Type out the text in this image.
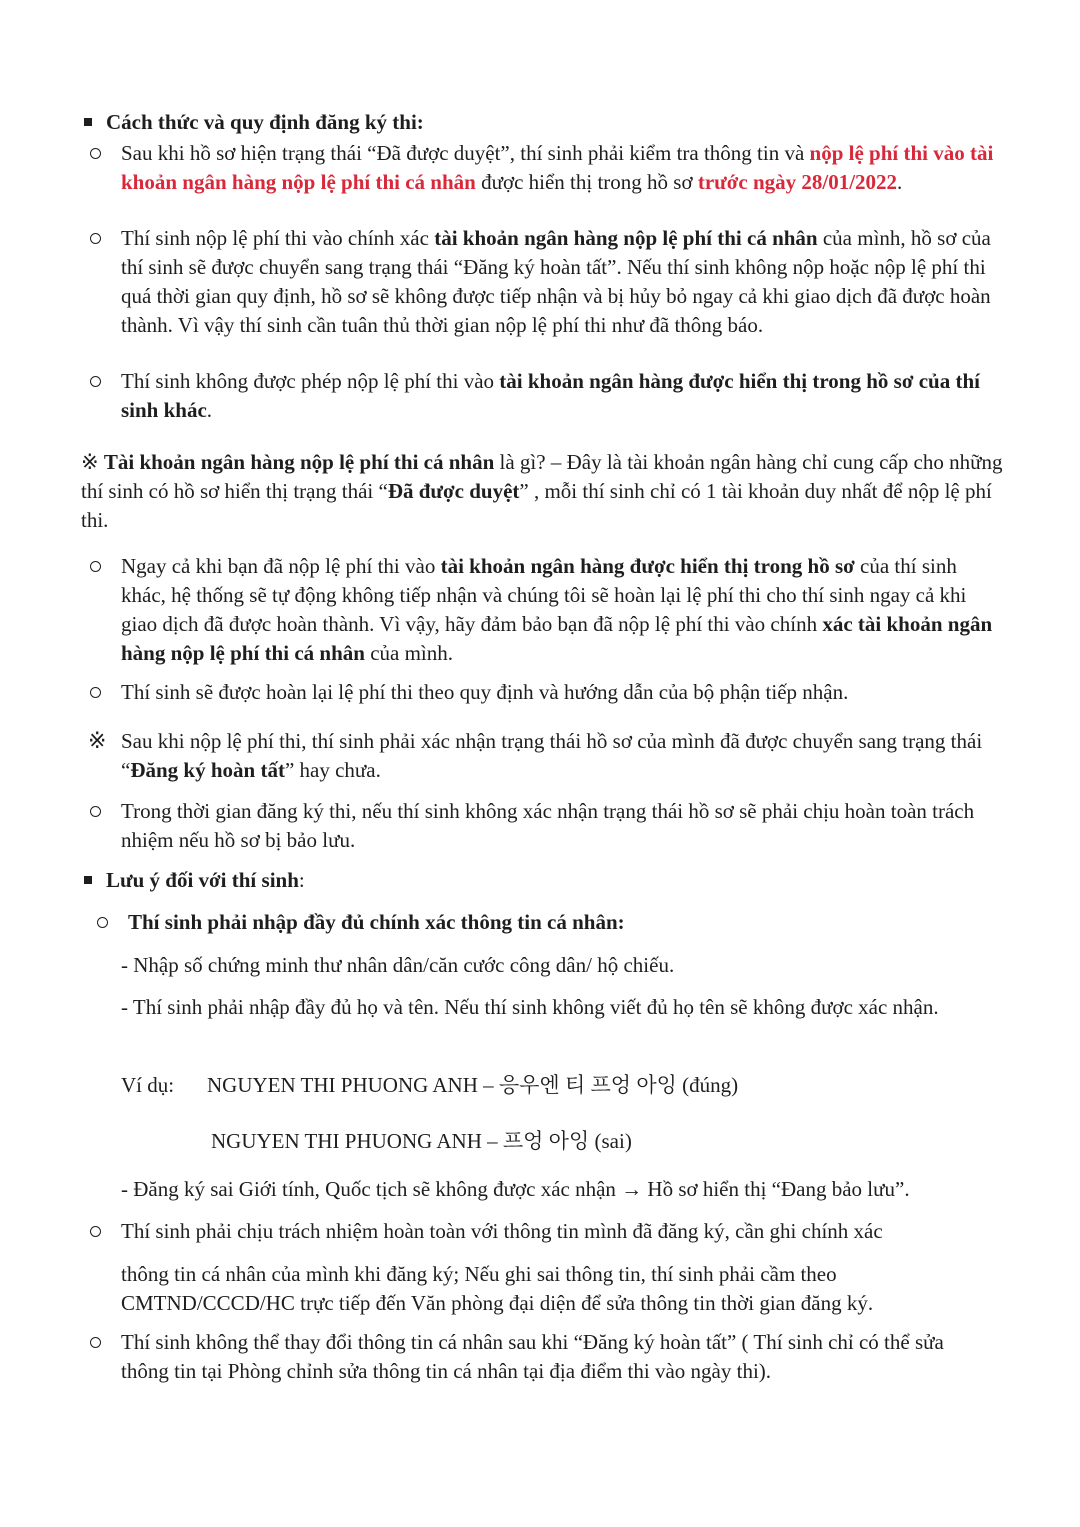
Cách thức và quy định đăng ký thi:

Sau khi hồ sơ hiện trạng thái “Đã được duyệt”, thí sinh phải kiểm tra thông tin và nộp lệ phí thi vào tài khoản ngân hàng nộp lệ phí thi cá nhân được hiển thị trong hồ sơ trước ngày 28/01/2022.

Thí sinh nộp lệ phí thi vào chính xác tài khoản ngân hàng nộp lệ phí thi cá nhân của mình, hồ sơ của thí sinh sẽ được chuyển sang trạng thái “Đăng ký hoàn tất”. Nếu thí sinh không nộp hoặc nộp lệ phí thi quá thời gian quy định, hồ sơ sẽ không được tiếp nhận và bị hủy bỏ ngay cả khi giao dịch đã được hoàn thành. Vì vậy thí sinh cần tuân thủ thời gian nộp lệ phí thi như đã thông báo.

Thí sinh không được phép nộp lệ phí thi vào tài khoản ngân hàng được hiển thị trong hồ sơ của thí sinh khác.

※ Tài khoản ngân hàng nộp lệ phí thi cá nhân là gì? – Đây là tài khoản ngân hàng chỉ cung cấp cho những thí sinh có hồ sơ hiển thị trạng thái “Đã được duyệt” , mỗi thí sinh chỉ có 1 tài khoản duy nhất để nộp lệ phí thi.

Ngay cả khi bạn đã nộp lệ phí thi vào tài khoản ngân hàng được hiển thị trong hồ sơ của thí sinh khác, hệ thống sẽ tự động không tiếp nhận và chúng tôi sẽ hoàn lại lệ phí thi cho thí sinh ngay cả khi giao dịch đã được hoàn thành. Vì vậy, hãy đảm bảo bạn đã nộp lệ phí thi vào chính xác tài khoản ngân hàng nộp lệ phí thi cá nhân của mình.

Thí sinh sẽ được hoàn lại lệ phí thi theo quy định và hướng dẫn của bộ phận tiếp nhận.

※ Sau khi nộp lệ phí thi, thí sinh phải xác nhận trạng thái hồ sơ của mình đã được chuyển sang trạng thái “Đăng ký hoàn tất” hay chưa.

Trong thời gian đăng ký thi, nếu thí sinh không xác nhận trạng thái hồ sơ sẽ phải chịu hoàn toàn trách nhiệm nếu hồ sơ bị bảo lưu.

Lưu ý đối với thí sinh:

Thí sinh phải nhập đầy đủ chính xác thông tin cá nhân:

- Nhập số chứng minh thư nhân dân/căn cước công dân/ hộ chiếu.

- Thí sinh phải nhập đầy đủ họ và tên. Nếu thí sinh không viết đủ họ tên sẽ không được xác nhận.

Ví dụ: NGUYEN THI PHUONG ANH – 응우엔 티 프엉 아잉 (đúng)

NGUYEN THI PHUONG ANH – 프엉 아잉 (sai)

- Đăng ký sai Giới tính, Quốc tịch sẽ không được xác nhận → Hồ sơ hiển thị “Đang bảo lưu”.

Thí sinh phải chịu trách nhiệm hoàn toàn với thông tin mình đã đăng ký, cần ghi chính xác

thông tin cá nhân của mình khi đăng ký; Nếu ghi sai thông tin, thí sinh phải cầm theo CMTND/CCCD/HC trực tiếp đến Văn phòng đại diện để sửa thông tin thời gian đăng ký.

Thí sinh không thể thay đổi thông tin cá nhân sau khi “Đăng ký hoàn tất” ( Thí sinh chỉ có thể sửa thông tin tại Phòng chỉnh sửa thông tin cá nhân tại địa điểm thi vào ngày thi).
